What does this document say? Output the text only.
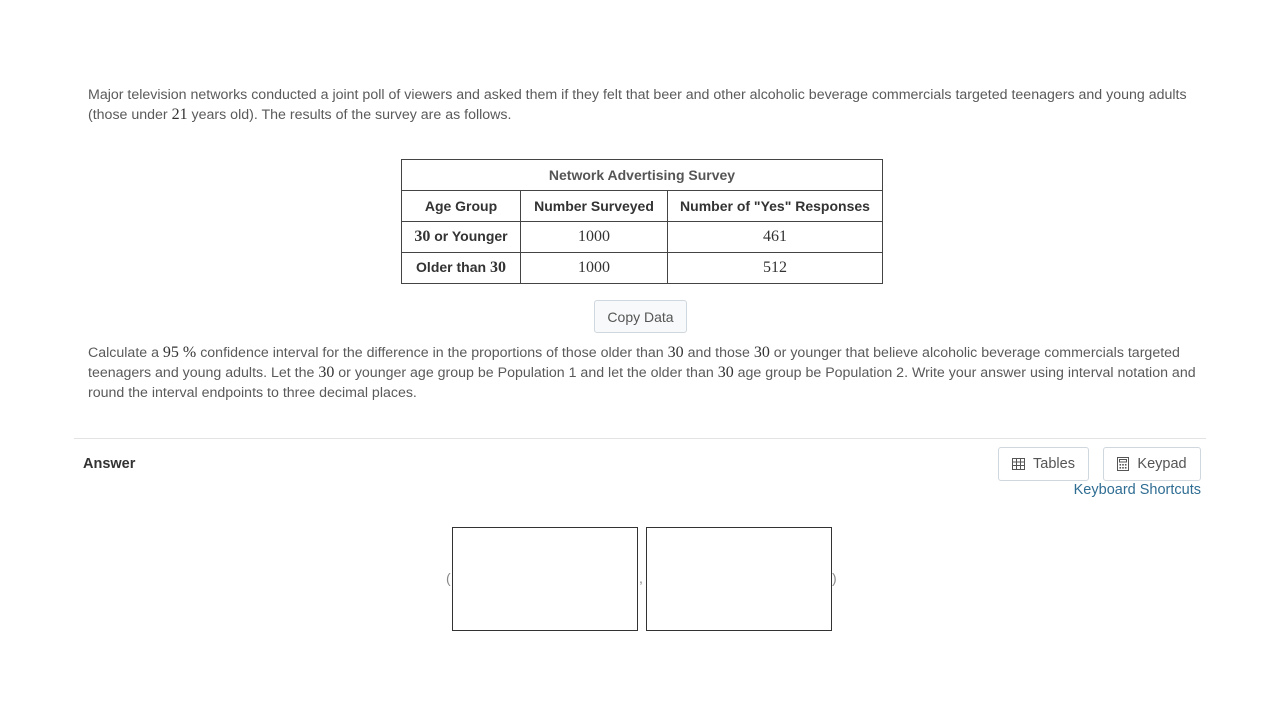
Major television networks conducted a joint poll of viewers and asked them if they felt that beer and other alcoholic beverage commercials targeted teenagers and young adults (those under 21 years old). The results of the survey are as follows.

Network Advertising Survey		
Age Group	Number Surveyed	Number of "Yes" Responses
30 or Younger	1000	461
Older than 30	1000	512
Copy Data

Calculate a 95 % confidence interval for the difference in the proportions of those older than 30 and those 30 or younger that believe alcoholic beverage commercials targeted teenagers and young adults. Let the 30 or younger age group be Population 1 and let the older than 30 age group be Population 2. Write your answer using interval notation and round the interval endpoints to three decimal places.

Answer	Tables	Keypad
Keyboard Shortcuts
(	,	)
